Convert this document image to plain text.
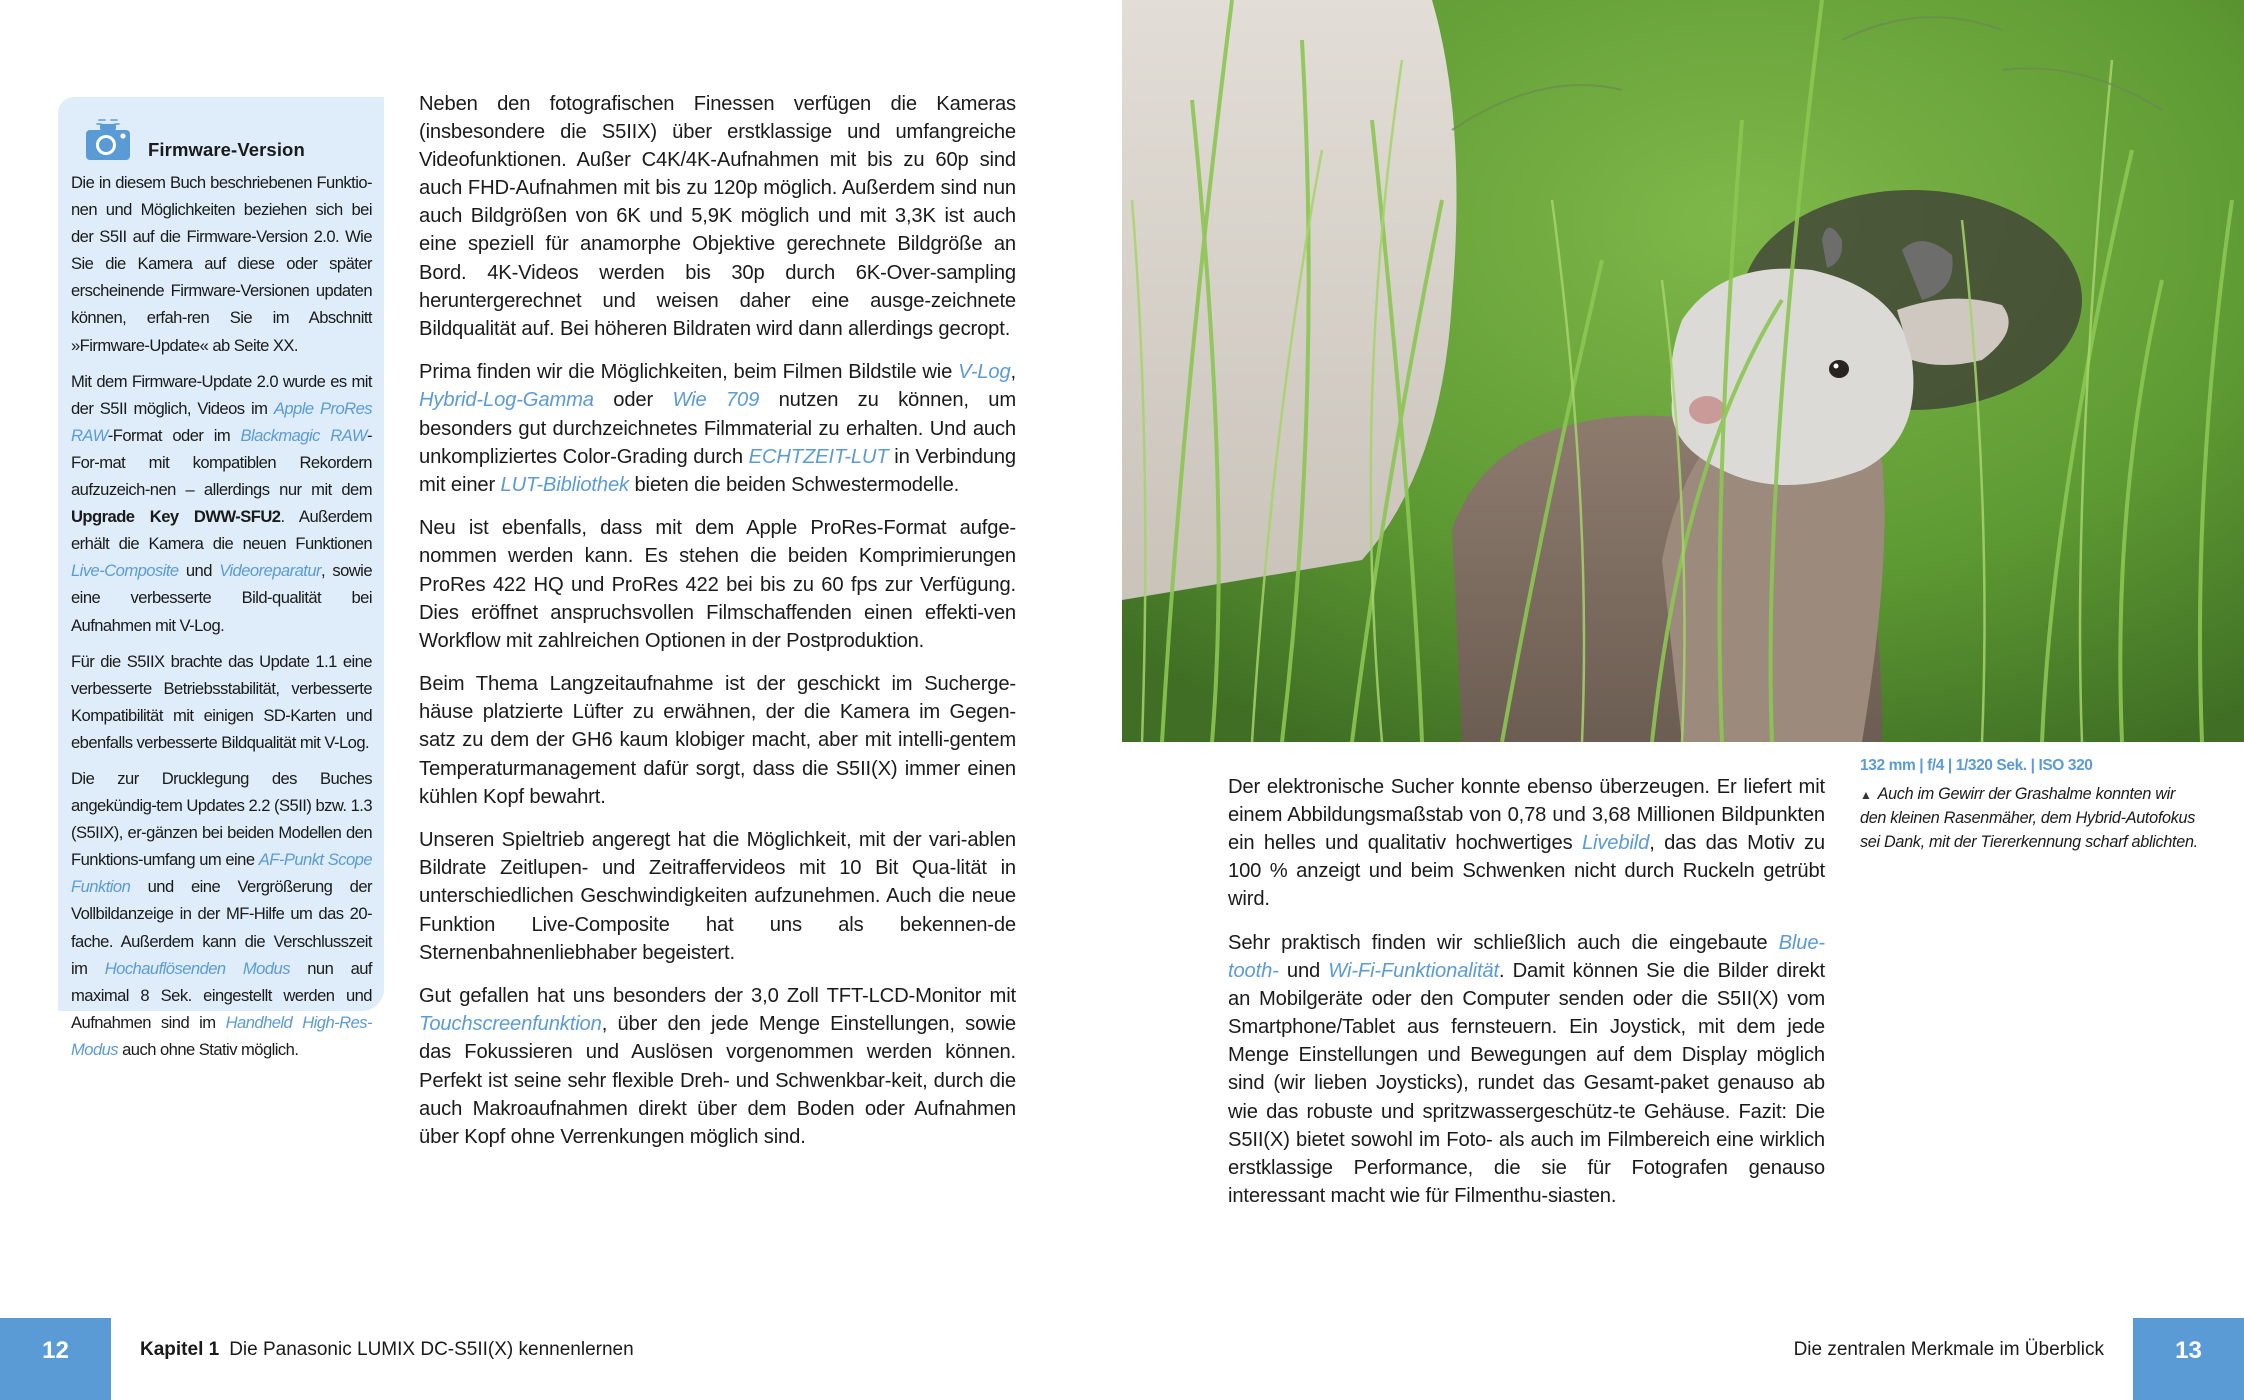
Firmware-Version

Die in diesem Buch beschriebenen Funktio-nen und Möglichkeiten beziehen sich bei der S5II auf die Firmware-Version 2.0. Wie Sie die Kamera auf diese oder später erscheinende Firmware-Versionen updaten können, erfah-ren Sie im Abschnitt »Firmware-Update« ab Seite XX.

Mit dem Firmware-Update 2.0 wurde es mit der S5II möglich, Videos im Apple ProRes RAW-Format oder im Blackmagic RAW-For-mat mit kompatiblen Rekordern aufzuzeich-nen – allerdings nur mit dem Upgrade Key DWW-SFU2. Außerdem erhält die Kamera die neuen Funktionen Live-Composite und Videoreparatur, sowie eine verbesserte Bild-qualität bei Aufnahmen mit V-Log.

Für die S5IIX brachte das Update 1.1 eine verbesserte Betriebsstabilität, verbesserte Kompatibilität mit einigen SD-Karten und ebenfalls verbesserte Bildqualität mit V-Log.

Die zur Drucklegung des Buches angekündig-tem Updates 2.2 (S5II) bzw. 1.3 (S5IIX), er-gänzen bei beiden Modellen den Funktions-umfang um eine AF-Punkt Scope Funktion und eine Vergrößerung der Vollbildanzeige in der MF-Hilfe um das 20-fache. Außerdem kann die Verschlusszeit im Hochauflösenden Modus nun auf maximal 8 Sek. eingestellt werden und Aufnahmen sind im Handheld High-Res-Modus auch ohne Stativ möglich.

Neben den fotografischen Finessen verfügen die Kameras (insbesondere die S5IIX) über erstklassige und umfangreiche Videofunktionen. Außer C4K/4K-Aufnahmen mit bis zu 60p sind auch FHD-Aufnahmen mit bis zu 120p möglich. Außerdem sind nun auch Bildgrößen von 6K und 5,9K möglich und mit 3,3K ist auch eine speziell für anamorphe Objektive gerechnete Bildgröße an Bord. 4K-Videos werden bis 30p durch 6K-Over-sampling heruntergerechnet und weisen daher eine ausge-zeichnete Bildqualität auf. Bei höheren Bildraten wird dann allerdings gecropt.

Prima finden wir die Möglichkeiten, beim Filmen Bildstile wie V-Log, Hybrid-Log-Gamma oder Wie 709 nutzen zu können, um besonders gut durchzeichnetes Filmmaterial zu erhalten. Und auch unkompliziertes Color-Grading durch ECHTZEIT-LUT in Verbindung mit einer LUT-Bibliothek bieten die beiden Schwestermodelle.

Neu ist ebenfalls, dass mit dem Apple ProRes-Format aufge-nommen werden kann. Es stehen die beiden Komprimierungen ProRes 422 HQ und ProRes 422 bei bis zu 60 fps zur Verfügung. Dies eröffnet anspruchsvollen Filmschaffenden einen effekti-ven Workflow mit zahlreichen Optionen in der Postproduktion.

Beim Thema Langzeitaufnahme ist der geschickt im Sucherge-häuse platzierte Lüfter zu erwähnen, der die Kamera im Gegen-satz zu dem der GH6 kaum klobiger macht, aber mit intelli-gentem Temperaturmanagement dafür sorgt, dass die S5II(X) immer einen kühlen Kopf bewahrt.

Unseren Spieltrieb angeregt hat die Möglichkeit, mit der vari-ablen Bildrate Zeitlupen- und Zeitraffervideos mit 10 Bit Qua-lität in unterschiedlichen Geschwindigkeiten aufzunehmen. Auch die neue Funktion Live-Composite hat uns als bekennen-de Sternenbahnenliebhaber begeistert.

Gut gefallen hat uns besonders der 3,0 Zoll TFT-LCD-Monitor mit Touchscreenfunktion, über den jede Menge Einstellungen, sowie das Fokussieren und Auslösen vorgenommen werden können. Perfekt ist seine sehr flexible Dreh- und Schwenkbar-keit, durch die auch Makroaufnahmen direkt über dem Boden oder Aufnahmen über Kopf ohne Verrenkungen möglich sind.

132 mm | f/4 | 1/320 Sek. | ISO 320
▲ Auch im Gewirr der Grashalme konnten wir den kleinen Rasenmäher, dem Hybrid-Autofokus sei Dank, mit der Tiererkennung scharf ablichten.

Der elektronische Sucher konnte ebenso überzeugen. Er liefert mit einem Abbildungsmaßstab von 0,78 und 3,68 Millionen Bildpunkten ein helles und qualitativ hochwertiges Livebild, das das Motiv zu 100 % anzeigt und beim Schwenken nicht durch Ruckeln getrübt wird.

Sehr praktisch finden wir schließlich auch die eingebaute Blue-tooth- und Wi-Fi-Funktionalität. Damit können Sie die Bilder direkt an Mobilgeräte oder den Computer senden oder die S5II(X) vom Smartphone/Tablet aus fernsteuern. Ein Joystick, mit dem jede Menge Einstellungen und Bewegungen auf dem Display möglich sind (wir lieben Joysticks), rundet das Gesamt-paket genauso ab wie das robuste und spritzwassergeschütz-te Gehäuse. Fazit: Die S5II(X) bietet sowohl im Foto- als auch im Filmbereich eine wirklich erstklassige Performance, die sie für Fotografen genauso interessant macht wie für Filmenthu-siasten.

12	Kapitel 1 Die Panasonic LUMIX DC-S5II(X) kennenlernen	Die zentralen Merkmale im Überblick	13
